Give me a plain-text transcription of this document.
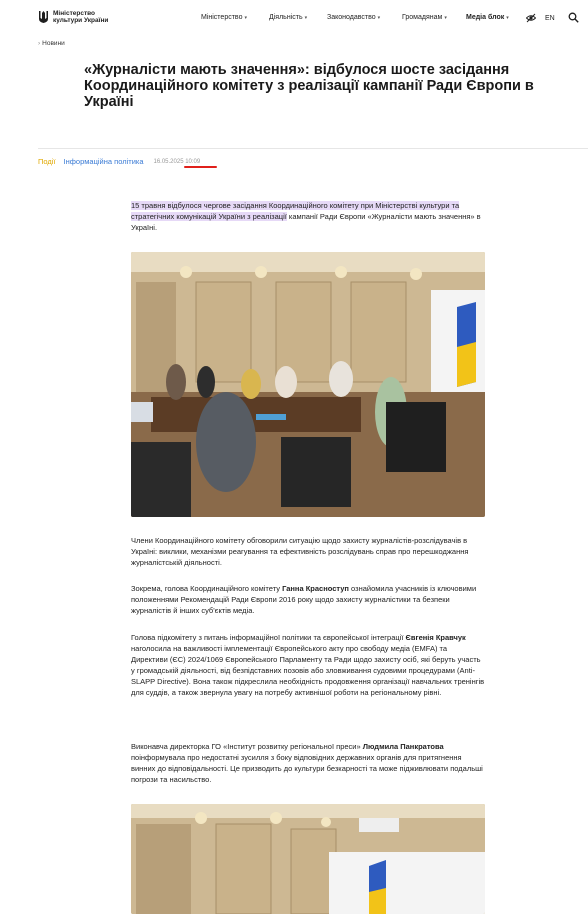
Міністерство культури України	Міністерство ▾	Діяльність ▾	Законодавство ▾	Громадянам ▾	Медіа блок ▾	EN
› Новини
«Журналісти мають значення»: відбулося шосте засідання Координаційного комітету з реалізації кампанії Ради Європи в Україні
Події Інформаційна політика 16.05.2025 10:09

15 травня відбулося чергове засідання Координаційного комітету при Міністерстві культури та стратегічних комунікацій України з реалізації кампанії Ради Європи «Журналісти мають значення» в Україні.

Члени Координаційного комітету обговорили ситуацію щодо захисту журналістів-розслідувачів в Україні: виклики, механізми реагування та ефективність розслідувань справ про перешкоджання журналістській діяльності.

Зокрема, голова Координаційного комітету Ганна Красноступ ознайомила учасників із ключовими положеннями Рекомендацій Ради Європи 2016 року щодо захисту журналістики та безпеки журналістів й інших суб'єктів медіа.

Голова підкомітету з питань інформаційної політики та європейської інтеграції Євгенія Кравчук наголосила на важливості імплементації Європейського акту про свободу медіа (EMFA) та Директиви (ЄС) 2024/1069 Європейського Парламенту та Ради щодо захисту осіб, які беруть участь у громадській діяльності, від безпідставних позовів або зловживання судовими процедурами (Anti-SLAPP Directive). Вона також підкреслила необхідність продовження організації навчальних тренінгів для суддів, а також звернула увагу на потребу активнішої роботи на регіональному рівні.

Виконавча директорка ГО «Інститут розвитку регіональної преси» Людмила Панкратова поінформувала про недостатні зусилля з боку відповідних державних органів для притягнення винних до відповідальності. Це призводить до культури безкарності та може підживлювати подальші погрози та насильство.
